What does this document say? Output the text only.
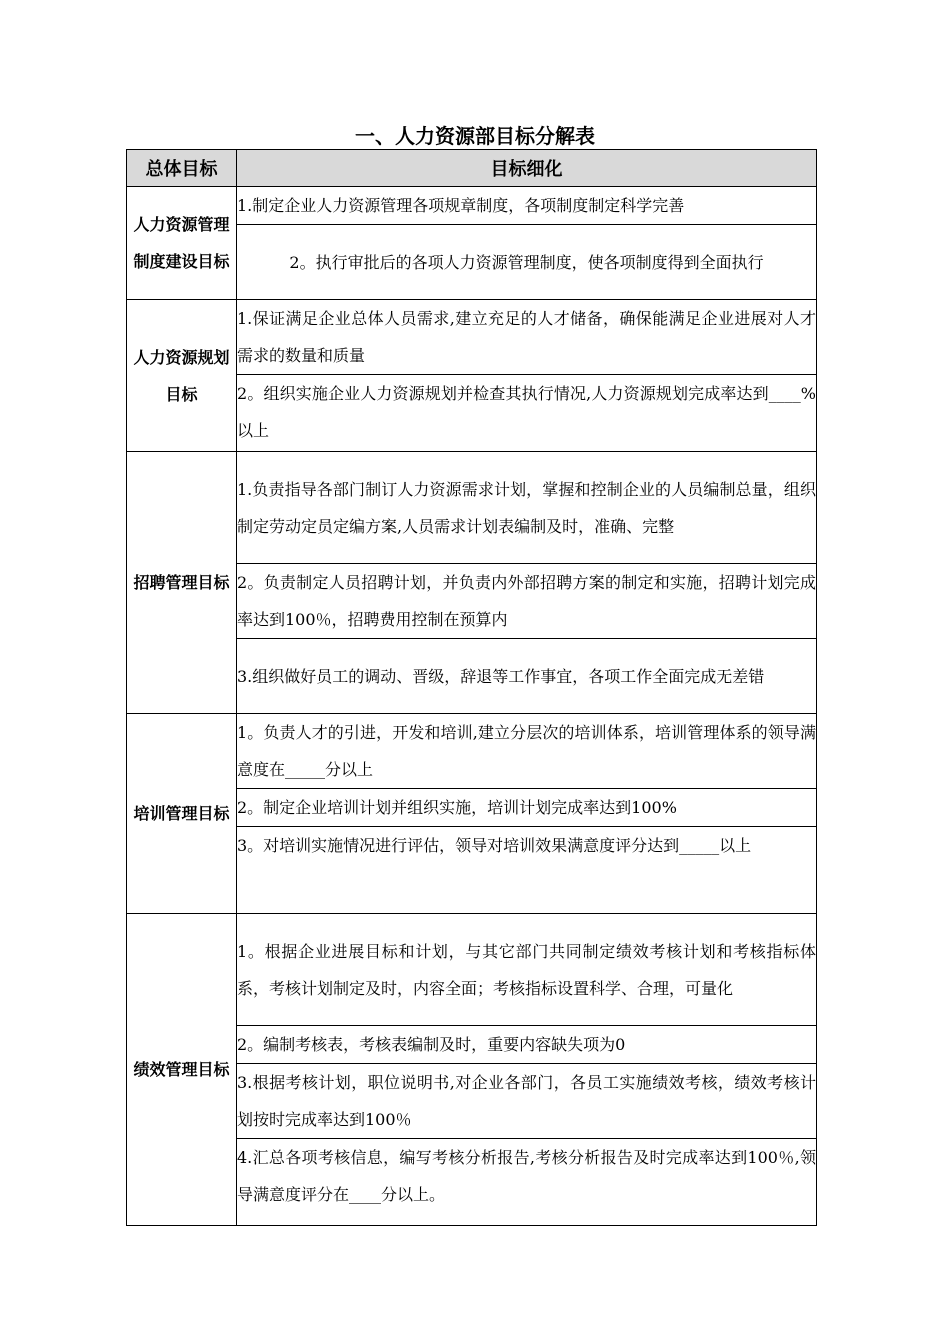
一、人力资源部目标分解表
总体目标	目标细化
人力资源管理制度建设目标	1.制定企业人力资源管理各项规章制度，各项制度制定科学完善
	2。执行审批后的各项人力资源管理制度，使各项制度得到全面执行
人力资源规划目标	1.保证满足企业总体人员需求,建立充足的人才储备，确保能满足企业进展对人才需求的数量和质量
	2。组织实施企业人力资源规划并检查其执行情况,人力资源规划完成率达到____%以上
招聘管理目标	1.负责指导各部门制订人力资源需求计划，掌握和控制企业的人员编制总量，组织制定劳动定员定编方案,人员需求计划表编制及时，准确、完整
	2。负责制定人员招聘计划，并负责内外部招聘方案的制定和实施，招聘计划完成率达到100％，招聘费用控制在预算内
	3.组织做好员工的调动、晋级，辞退等工作事宜，各项工作全面完成无差错
培训管理目标	1。负责人才的引进，开发和培训,建立分层次的培训体系，培训管理体系的领导满意度在_____分以上
	2。制定企业培训计划并组织实施，培训计划完成率达到100%
	3。对培训实施情况进行评估，领导对培训效果满意度评分达到_____以上
绩效管理目标	1。根据企业进展目标和计划，与其它部门共同制定绩效考核计划和考核指标体系，考核计划制定及时，内容全面；考核指标设置科学、合理，可量化
	2。编制考核表，考核表编制及时，重要内容缺失项为0
	3.根据考核计划，职位说明书,对企业各部门，各员工实施绩效考核，绩效考核计划按时完成率达到100％
	4.汇总各项考核信息，编写考核分析报告,考核分析报告及时完成率达到100％,领导满意度评分在____分以上。
